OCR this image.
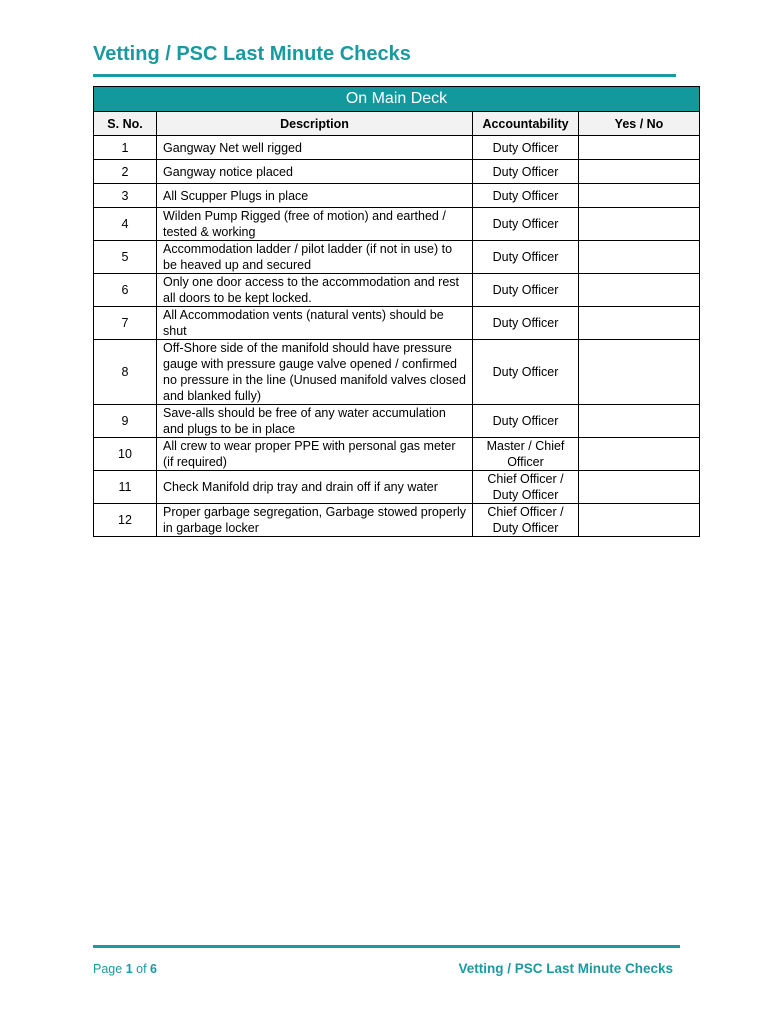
Vetting / PSC Last Minute Checks
On Main Deck			
S. No.	Description	Accountability	Yes / No
1	Gangway Net well rigged	Duty Officer	
2	Gangway notice placed	Duty Officer	
3	All Scupper Plugs in place	Duty Officer	
4	Wilden Pump Rigged (free of motion) and earthed / tested & working	Duty Officer	
5	Accommodation ladder / pilot ladder (if not in use) to be heaved up and secured	Duty Officer	
6	Only one door access to the accommodation and rest all doors to be kept locked.	Duty Officer	
7	All Accommodation vents (natural vents) should be shut	Duty Officer	
8	Off-Shore side of the manifold should have pressure gauge with pressure gauge valve opened / confirmed no pressure in the line (Unused manifold valves closed and blanked fully)	Duty Officer	
9	Save-alls should be free of any water accumulation and plugs to be in place	Duty Officer	
10	All crew to wear proper PPE with personal gas meter (if required)	Master / Chief Officer	
11	Check Manifold drip tray and drain off if any water	Chief Officer / Duty Officer	
12	Proper garbage segregation, Garbage stowed properly in garbage locker	Chief Officer / Duty Officer	
Page 1 of 6	Vetting / PSC Last Minute Checks
